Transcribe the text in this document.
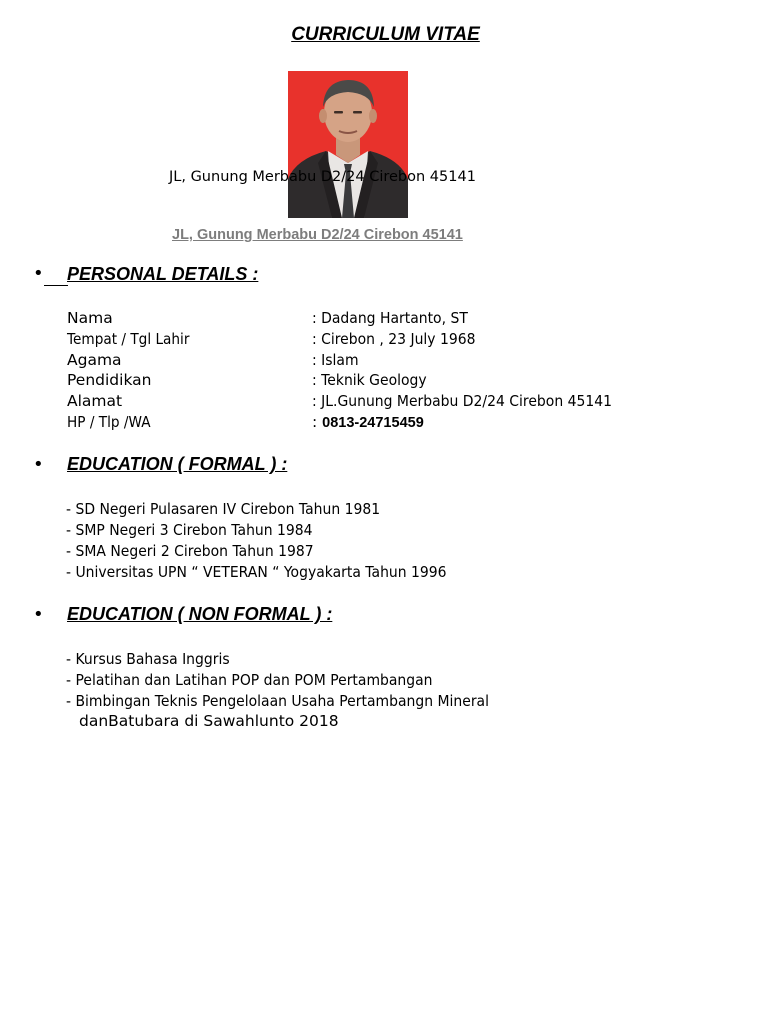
CURRICULUM VITAE
JL, Gunung Merbabu D2/24 Cirebon 45141
JL, Gunung Merbabu D2/24 Cirebon 45141
• PERSONAL DETAILS :
Nama	: Dadang Hartanto, ST
Tempat / Tgl Lahir	: Cirebon , 23 July 1968
Agama	: Islam
Pendidikan	: Teknik Geology
Alamat	: JL.Gunung Merbabu D2/24 Cirebon 45141
HP / Tlp /WA	: 0813-24715459
• EDUCATION ( FORMAL ) :
- SD Negeri Pulasaren IV Cirebon Tahun 1981
- SMP Negeri 3 Cirebon Tahun 1984
- SMA Negeri 2 Cirebon Tahun 1987
- Universitas UPN “ VETERAN “ Yogyakarta Tahun 1996
• EDUCATION ( NON FORMAL ) :
- Kursus Bahasa Inggris
- Pelatihan dan Latihan POP dan POM Pertambangan
- Bimbingan Teknis Pengelolaan Usaha Pertambangn Mineral
danBatubara di Sawahlunto 2018
